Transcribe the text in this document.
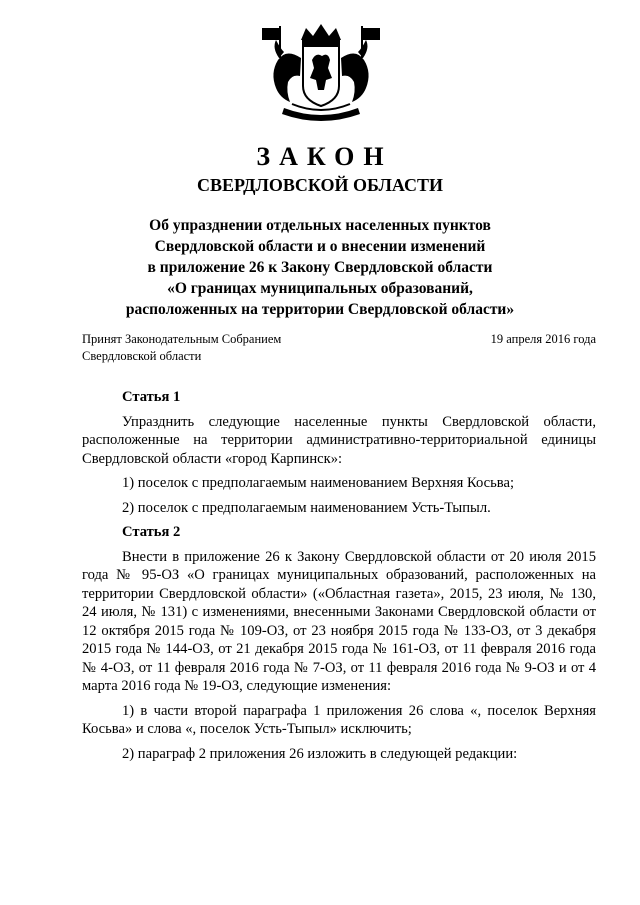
ЗАКОН
СВЕРДЛОВСКОЙ ОБЛАСТИ
Об упразднении отдельных населенных пунктов
Свердловской области и о внесении изменений
в приложение 26 к Закону Свердловской области
«О границах муниципальных образований,
расположенных на территории Свердловской области»
Принят Законодательным Собранием
Свердловской области
19 апреля 2016 года
Статья 1

Упразднить следующие населенные пункты Свердловской области, расположенные на территории административно-территориальной единицы Свердловской области «город Карпинск»:

1) поселок с предполагаемым наименованием Верхняя Косьва;

2) поселок с предполагаемым наименованием Усть-Тыпыл.

Статья 2

Внести в приложение 26 к Закону Свердловской области от 20 июля 2015 года № 95-ОЗ «О границах муниципальных образований, расположенных на территории Свердловской области» («Областная газета», 2015, 23 июля, № 130, 24 июля, № 131) с изменениями, внесенными Законами Свердловской области от 12 октября 2015 года № 109-ОЗ, от 23 ноября 2015 года № 133-ОЗ, от 3 декабря 2015 года № 144-ОЗ, от 21 декабря 2015 года № 161-ОЗ, от 11 февраля 2016 года № 4-ОЗ, от 11 февраля 2016 года № 7-ОЗ, от 11 февраля 2016 года № 9-ОЗ и от 4 марта 2016 года № 19-ОЗ, следующие изменения:

1) в части второй параграфа 1 приложения 26 слова «, поселок Верхняя Косьва» и слова «, поселок Усть-Тыпыл» исключить;

2) параграф 2 приложения 26 изложить в следующей редакции:
